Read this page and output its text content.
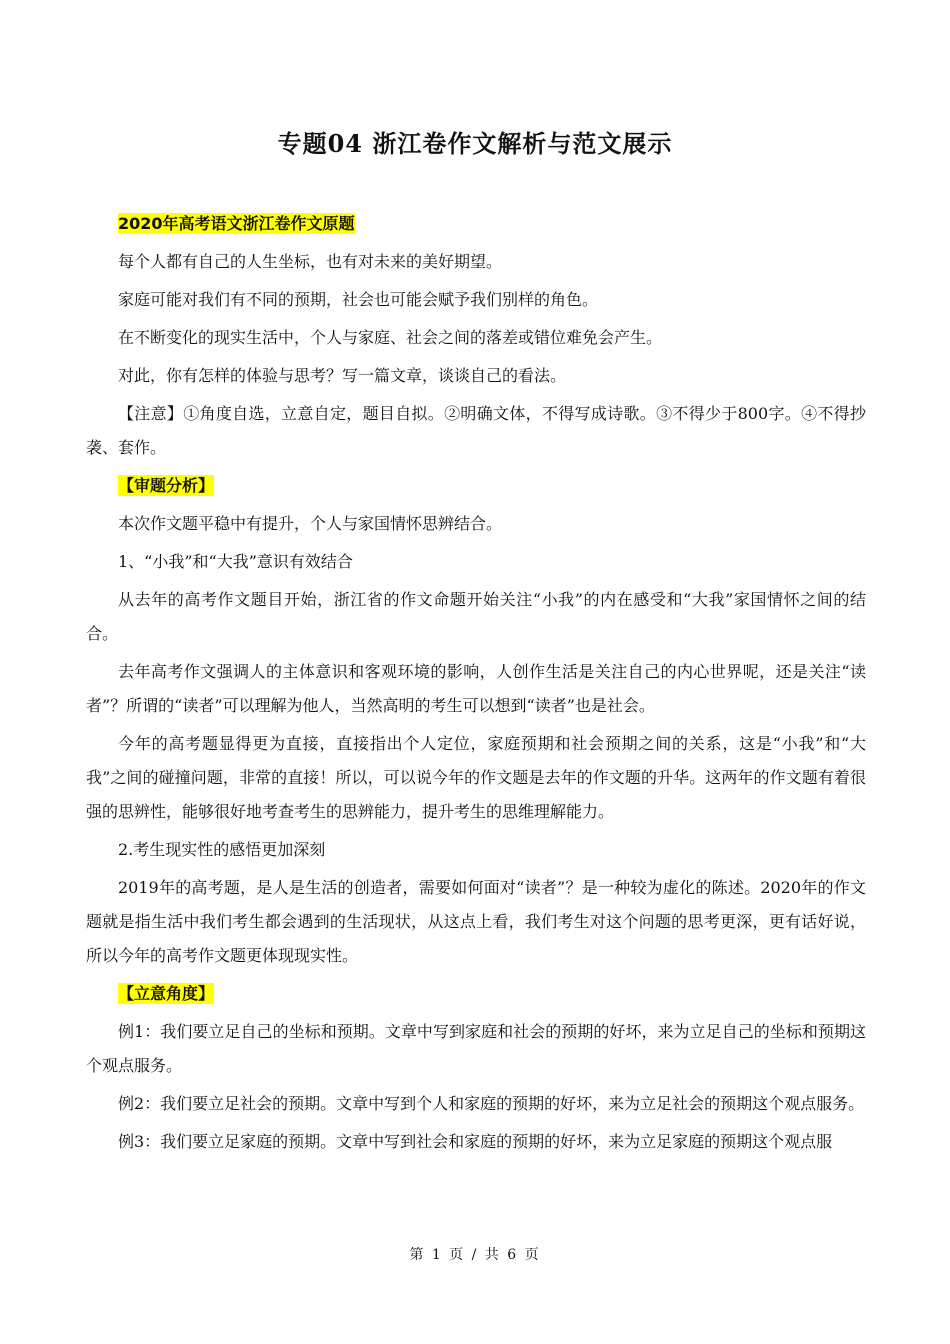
专题04 浙江卷作文解析与范文展示

2020年高考语文浙江卷作文原题

每个人都有自己的人生坐标，也有对未来的美好期望。

家庭可能对我们有不同的预期，社会也可能会赋予我们别样的角色。

在不断变化的现实生活中，个人与家庭、社会之间的落差或错位难免会产生。

对此，你有怎样的体验与思考？写一篇文章，谈谈自己的看法。

【注意】①角度自选，立意自定，题目自拟。②明确文体，不得写成诗歌。③不得少于800字。④不得抄袭、套作。

【审题分析】

本次作文题平稳中有提升，个人与家国情怀思辨结合。

1、“小我”和“大我”意识有效结合

从去年的高考作文题目开始，浙江省的作文命题开始关注“小我”的内在感受和“大我”家国情怀之间的结合。

去年高考作文强调人的主体意识和客观环境的影响，人创作生活是关注自己的内心世界呢，还是关注“读者”？所谓的“读者”可以理解为他人，当然高明的考生可以想到“读者”也是社会。

今年的高考题显得更为直接，直接指出个人定位，家庭预期和社会预期之间的关系，这是“小我”和“大我”之间的碰撞问题，非常的直接！所以，可以说今年的作文题是去年的作文题的升华。这两年的作文题有着很强的思辨性，能够很好地考查考生的思辨能力，提升考生的思维理解能力。

2.考生现实性的感悟更加深刻

2019年的高考题，是人是生活的创造者，需要如何面对“读者”？是一种较为虚化的陈述。2020年的作文题就是指生活中我们考生都会遇到的生活现状，从这点上看，我们考生对这个问题的思考更深，更有话好说，所以今年的高考作文题更体现现实性。

【立意角度】

例1：我们要立足自己的坐标和预期。文章中写到家庭和社会的预期的好坏，来为立足自己的坐标和预期这个观点服务。

例2：我们要立足社会的预期。文章中写到个人和家庭的预期的好坏，来为立足社会的预期这个观点服务。

例3：我们要立足家庭的预期。文章中写到社会和家庭的预期的好坏，来为立足家庭的预期这个观点服

第 1 页 / 共 6 页
